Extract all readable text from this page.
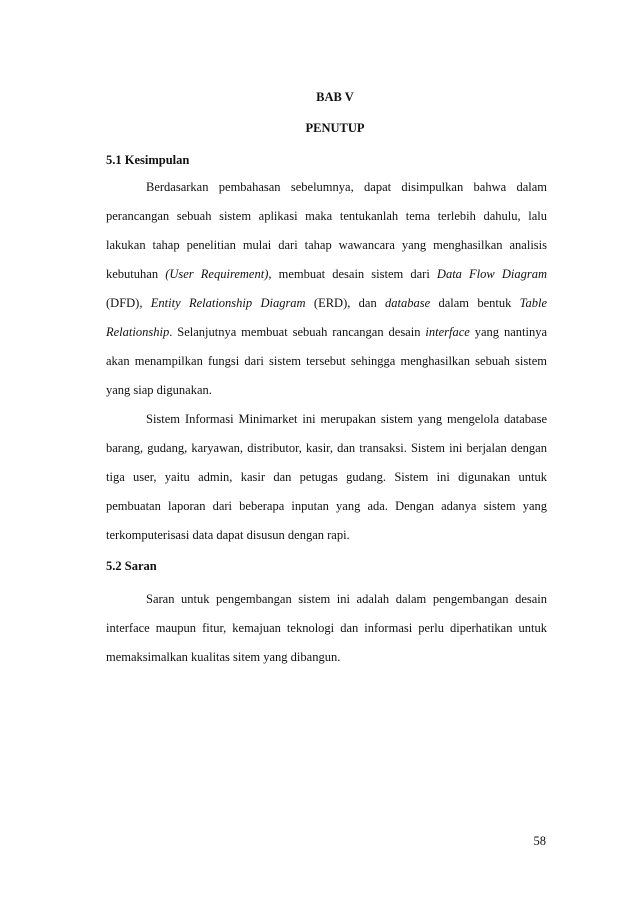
BAB V
PENUTUP

5.1 Kesimpulan

Berdasarkan pembahasan sebelumnya, dapat disimpulkan bahwa dalam perancangan sebuah sistem aplikasi maka tentukanlah tema terlebih dahulu, lalu lakukan tahap penelitian mulai dari tahap wawancara yang menghasilkan analisis kebutuhan (User Requirement), membuat desain sistem dari Data Flow Diagram (DFD), Entity Relationship Diagram (ERD), dan database dalam bentuk Table Relationship. Selanjutnya membuat sebuah rancangan desain interface yang nantinya akan menampilkan fungsi dari sistem tersebut sehingga menghasilkan sebuah sistem yang siap digunakan.

Sistem Informasi Minimarket ini merupakan sistem yang mengelola database barang, gudang, karyawan, distributor, kasir, dan transaksi. Sistem ini berjalan dengan tiga user, yaitu admin, kasir dan petugas gudang. Sistem ini digunakan untuk pembuatan laporan dari beberapa inputan yang ada. Dengan adanya sistem yang terkomputerisasi data dapat disusun dengan rapi.

5.2 Saran

Saran untuk pengembangan sistem ini adalah dalam pengembangan desain interface maupun fitur, kemajuan teknologi dan informasi perlu diperhatikan untuk memaksimalkan kualitas sitem yang dibangun.

58
